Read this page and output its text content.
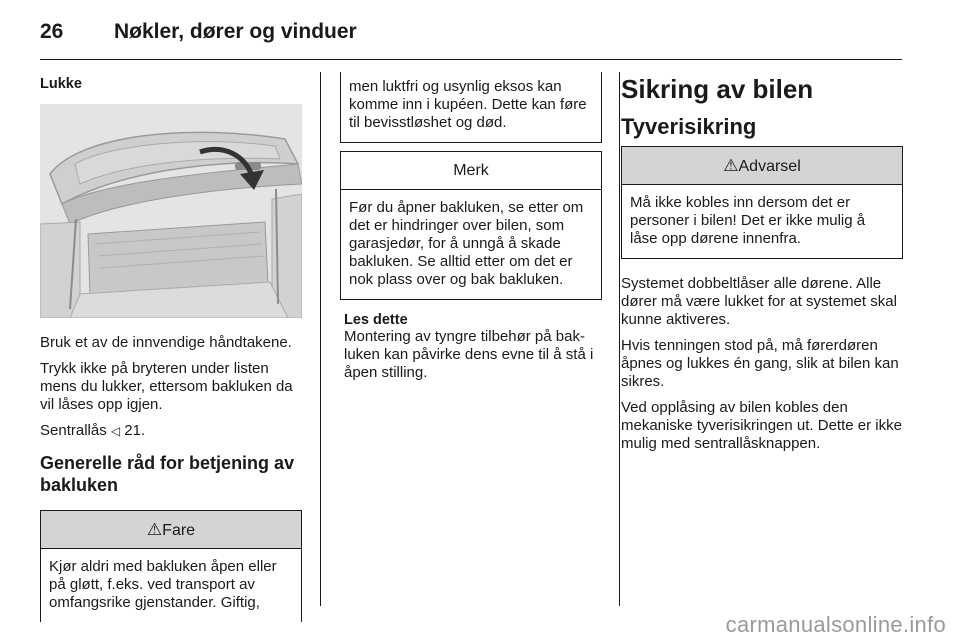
26 Nøkler, dører og vinduer
Lukke

Bruk et av de innvendige håndtakene.

Trykk ikke på bryteren under listen mens du lukker, ettersom bakluken da vil låses opp igjen.

Sentrallås ◁ 21.

Generelle råd for betjening av bakluken
⚠Fare
Kjør aldri med bakluken åpen eller på gløtt, f.eks. ved transport av omfangsrike gjenstander. Giftig,
men luktfri og usynlig eksos kan komme inn i kupéen. Dette kan føre til bevisstløshet og død.
Merk
Før du åpner bakluken, se etter om det er hindringer over bilen, som garasjedør, for å unngå å skade bakluken. Se alltid etter om det er nok plass over og bak bakluken.
Les dette

Montering av tyngre tilbehør på bakluken kan påvirke dens evne til å stå i åpen stilling.

Sikring av bilen
Tyverisikring
⚠Advarsel
Må ikke kobles inn dersom det er personer i bilen! Det er ikke mulig å låse opp dørene innenfra.

Systemet dobbeltlåser alle dørene. Alle dører må være lukket for at systemet skal kunne aktiveres.

Hvis tenningen stod på, må førerdøren åpnes og lukkes én gang, slik at bilen kan sikres.

Ved opplåsing av bilen kobles den mekaniske tyverisikringen ut. Dette er ikke mulig med sentrallåsknappen.

carmanualsonline.info
